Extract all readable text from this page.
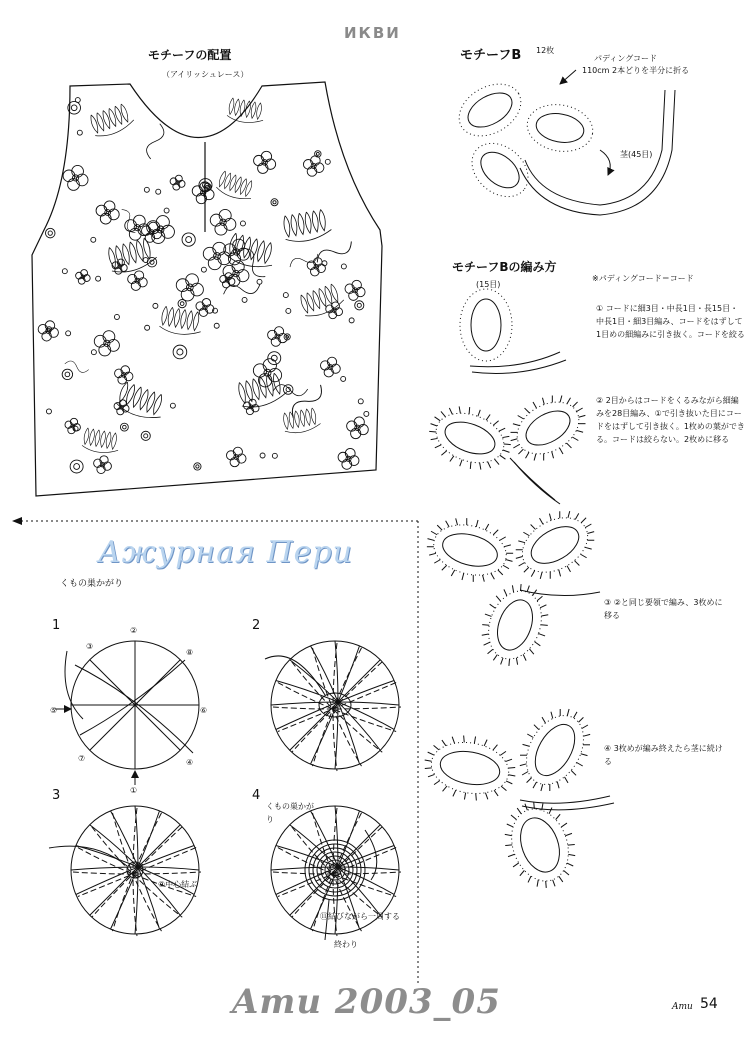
ИКВИ
モチーフの配置
（アイリッシュレース）
モチーフB 12枚
パディングコード
110cm 2本どりを半分に折る
茎(45目)
モチーフBの編み方
※パディングコード＝コード
(15目)
① コードに細3目・中長1目・長15目・中長1目・細3目編み、コードをはずして1目めの細編みに引き抜く。コードを絞る
② 2目からはコードをくるみながら細編みを28目編み、①で引き抜いた目にコードをはずして引き抜く。1枚めの葉ができる。コードは絞らない。2枚めに移る
③ ②と同じ要領で編み、3枚めに移る
④ 3枚めが編み終えたら茎に続ける
Ажурная Пери
くもの巣かがり
1	2
3	4
⑨中心結ぶ
くもの巣かがり
⑪結びながら一周する
終わり
③
⑧
⑤	⑥
⑦	④
①
②
Amu 2003_05	Amu 54
